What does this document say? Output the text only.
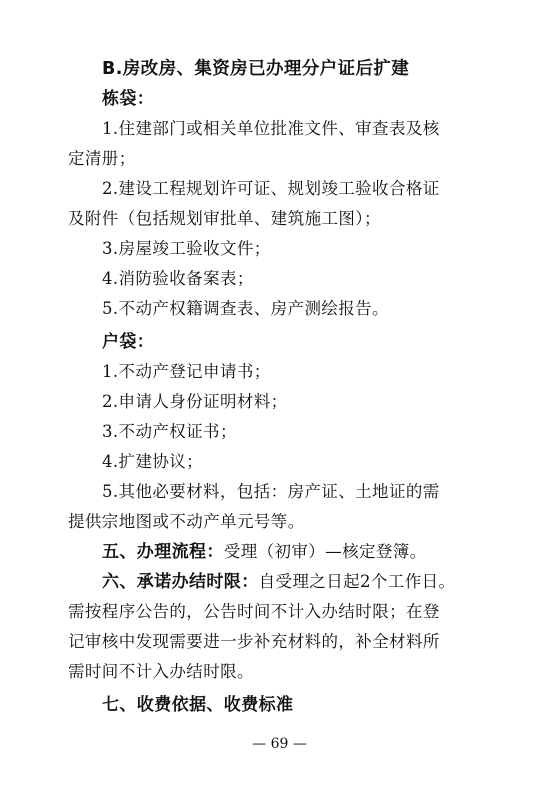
B.房改房、集资房已办理分户证后扩建
栋袋：
1.住建部门或相关单位批准文件、审查表及核
定清册；
2.建设工程规划许可证、规划竣工验收合格证
及附件（包括规划审批单、建筑施工图）；
3.房屋竣工验收文件；
4.消防验收备案表；
5.不动产权籍调查表、房产测绘报告。
户袋：
1.不动产登记申请书；
2.申请人身份证明材料；
3.不动产权证书；
4.扩建协议；
5.其他必要材料，包括：房产证、土地证的需
提供宗地图或不动产单元号等。
五、办理流程：受理（初审）—核定登簿。
六、承诺办结时限：自受理之日起2个工作日。
需按程序公告的，公告时间不计入办结时限；在登
记审核中发现需要进一步补充材料的，补全材料所
需时间不计入办结时限。
七、收费依据、收费标准
— 69 —
